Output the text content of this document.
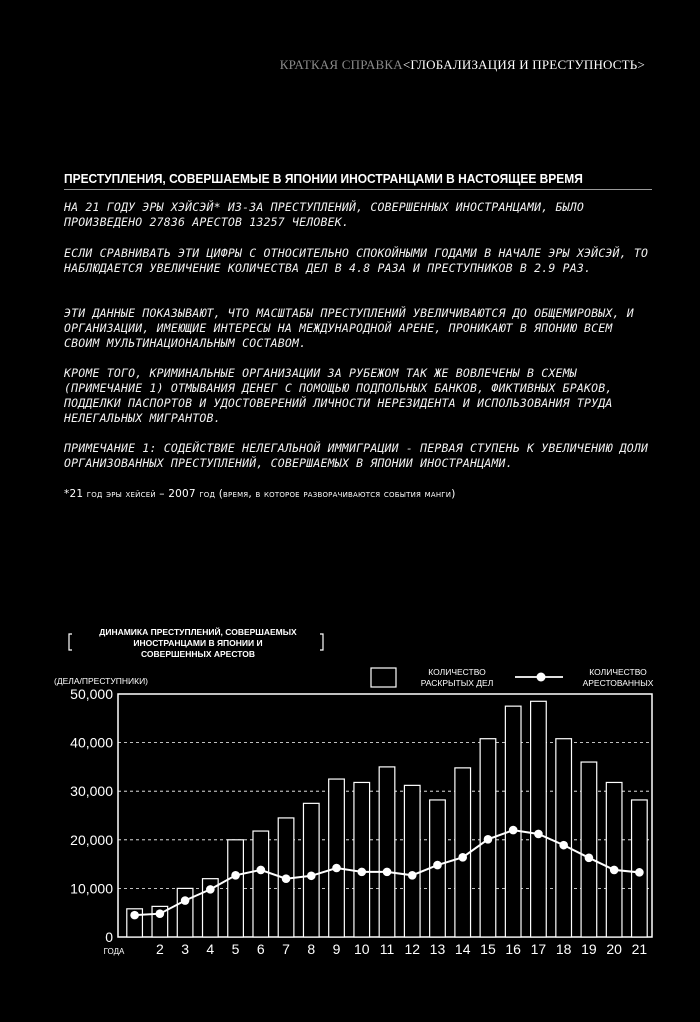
КРАТКАЯ СПРАВКА<ГЛОБАЛИЗАЦИЯ И ПРЕСТУПНОСТЬ>
ПРЕСТУПЛЕНИЯ, СОВЕРШАЕМЫЕ В ЯПОНИИ ИНОСТРАНЦАМИ В НАСТОЯЩЕЕ ВРЕМЯ
НА 21 ГОДУ ЭРЫ ХЭЙСЭЙ* ИЗ-ЗА ПРЕСТУПЛЕНИЙ, СОВЕРШЕННЫХ ИНОСТРАНЦАМИ, БЫЛО ПРОИЗВЕДЕНО 27836 АРЕСТОВ 13257 ЧЕЛОВЕК.
ЕСЛИ СРАВНИВАТЬ ЭТИ ЦИФРЫ С ОТНОСИТЕЛЬНО СПОКОЙНЫМИ ГОДАМИ В НАЧАЛЕ ЭРЫ ХЭЙСЭЙ, ТО НАБЛЮДАЕТСЯ УВЕЛИЧЕНИЕ КОЛИЧЕСТВА ДЕЛ В 4.8 РАЗА И ПРЕСТУПНИКОВ В 2.9 РАЗ.
ЭТИ ДАННЫЕ ПОКАЗЫВАЮТ, ЧТО МАСШТАБЫ ПРЕСТУПЛЕНИЙ УВЕЛИЧИВАЮТСЯ ДО ОБЩЕМИРОВЫХ, И ОРГАНИЗАЦИИ, ИМЕЮЩИЕ ИНТЕРЕСЫ НА МЕЖДУНАРОДНОЙ АРЕНЕ, ПРОНИКАЮТ В ЯПОНИЮ ВСЕМ СВОИМ МУЛЬТИНАЦИОНАЛЬНЫМ СОСТАВОМ.
КРОМЕ ТОГО, КРИМИНАЛЬНЫЕ ОРГАНИЗАЦИИ ЗА РУБЕЖОМ ТАК ЖЕ ВОВЛЕЧЕНЫ В СХЕМЫ (ПРИМЕЧАНИЕ 1) ОТМЫВАНИЯ ДЕНЕГ С ПОМОЩЬЮ ПОДПОЛЬНЫХ БАНКОВ, ФИКТИВНЫХ БРАКОВ, ПОДДЕЛКИ ПАСПОРТОВ И УДОСТОВЕРЕНИЙ ЛИЧНОСТИ НЕРЕЗИДЕНТА И ИСПОЛЬЗОВАНИЯ ТРУДА НЕЛЕГАЛЬНЫХ МИГРАНТОВ.
ПРИМЕЧАНИЕ 1: СОДЕЙСТВИЕ НЕЛЕГАЛЬНОЙ ИММИГРАЦИИ - ПЕРВАЯ СТУПЕНЬ К УВЕЛИЧЕНИЮ ДОЛИ ОРГАНИЗОВАННЫХ ПРЕСТУПЛЕНИЙ, СОВЕРШАЕМЫХ В ЯПОНИИ ИНОСТРАНЦАМИ.
*21 год эры хейсей – 2007 год (время, в которое разворачиваются события манги)
ДИНАМИКА ПРЕСТУПЛЕНИЙ, СОВЕРШАЕМЫХ
ИНОСТРАНЦАМИ В ЯПОНИИ И
СОВЕРШЕННЫХ АРЕСТОВ
КОЛИЧЕСТВО
РАСКРЫТЫХ ДЕЛ
КОЛИЧЕСТВО
АРЕСТОВАННЫХ
(ДЕЛА/ПРЕСТУПНИКИ)
ГОДА
0
10,000
20,000
30,000
40,000
50,000
2 3 4 5 6 7 8 9 10 11 12 13 14 15 16 17 18 19 20 21
